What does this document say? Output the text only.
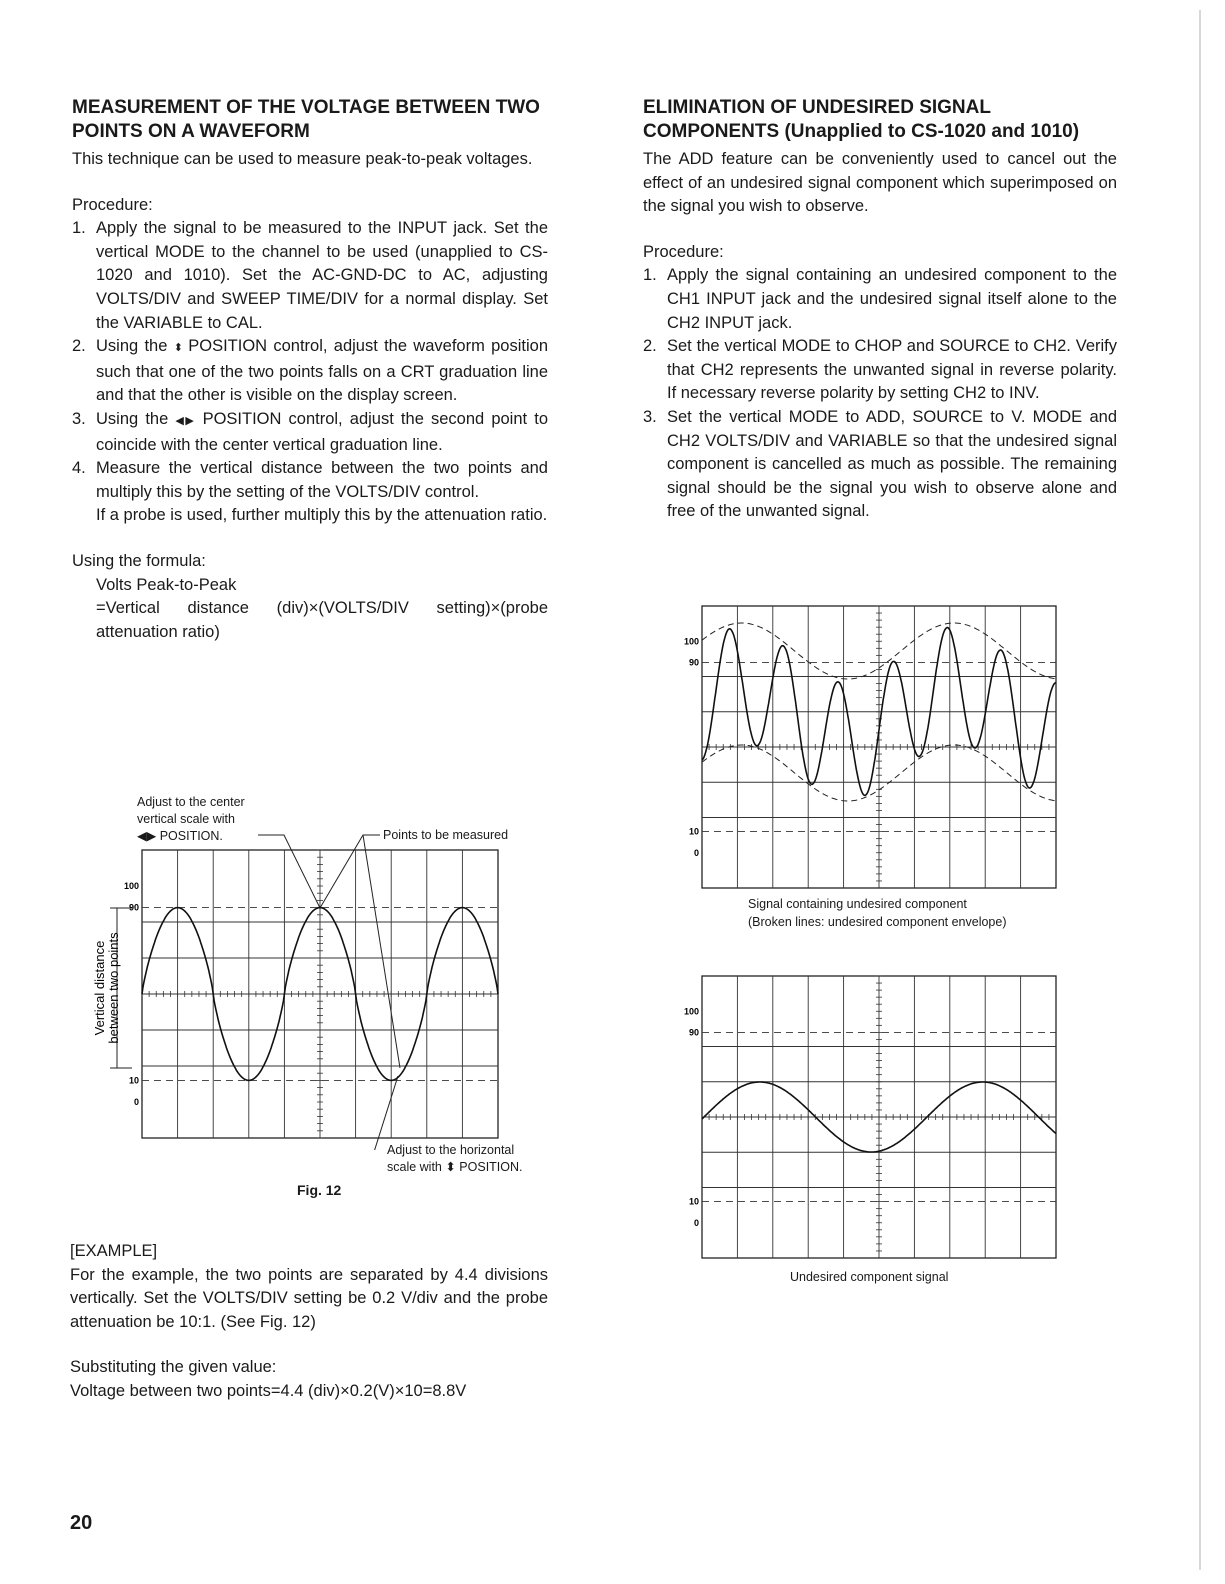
MEASUREMENT OF THE VOLTAGE BETWEEN TWO
POINTS ON A WAVEFORM

This technique can be used to measure peak-to-peak voltages.

Procedure:

1. Apply the signal to be measured to the INPUT jack. Set the vertical MODE to the channel to be used (unapplied to CS-1020 and 1010). Set the AC-GND-DC to AC, adjusting VOLTS/DIV and SWEEP TIME/DIV for a normal display. Set the VARIABLE to CAL.
2. Using the ⬍ POSITION control, adjust the waveform position such that one of the two points falls on a CRT graduation line and that the other is visible on the display screen.
3. Using the ◀▶ POSITION control, adjust the second point to coincide with the center vertical graduation line.
4. Measure the vertical distance between the two points and multiply this by the setting of the VOLTS/DIV control.
If a probe is used, further multiply this by the attenuation ratio.

Using the formula:

Volts Peak-to-Peak
=Vertical distance (div)×(VOLTS/DIV setting)×(probe attenuation ratio)
Adjust to the center
vertical scale with
◀▶ POSITION.	Points to be measured
Adjust to the horizontal
scale with ⬍ POSITION.
Fig. 12
Vertical distance between two points
100
90
10
0

[EXAMPLE]

For the example, the two points are separated by 4.4 divisions vertically. Set the VOLTS/DIV setting be 0.2 V/div and the probe attenuation be 10:1. (See Fig. 12)

Substituting the given value:

Voltage between two points=4.4 (div)×0.2(V)×10=8.8V

ELIMINATION OF UNDESIRED SIGNAL
COMPONENTS (Unapplied to CS-1020 and 1010)

The ADD feature can be conveniently used to cancel out the effect of an undesired signal component which superimposed on the signal you wish to observe.

Procedure:

1. Apply the signal containing an undesired component to the CH1 INPUT jack and the undesired signal itself alone to the CH2 INPUT jack.
2. Set the vertical MODE to CHOP and SOURCE to CH2. Verify that CH2 represents the unwanted signal in reverse polarity. If necessary reverse polarity by setting CH2 to INV.
3. Set the vertical MODE to ADD, SOURCE to V. MODE and CH2 VOLTS/DIV and VARIABLE so that the undesired signal component is cancelled as much as possible. The remaining signal should be the signal you wish to observe alone and free of the unwanted signal.
100
90
10
0
Signal containing undesired component
(Broken lines: undesired component envelope)
100
90
10
0
Undesired component signal
20
